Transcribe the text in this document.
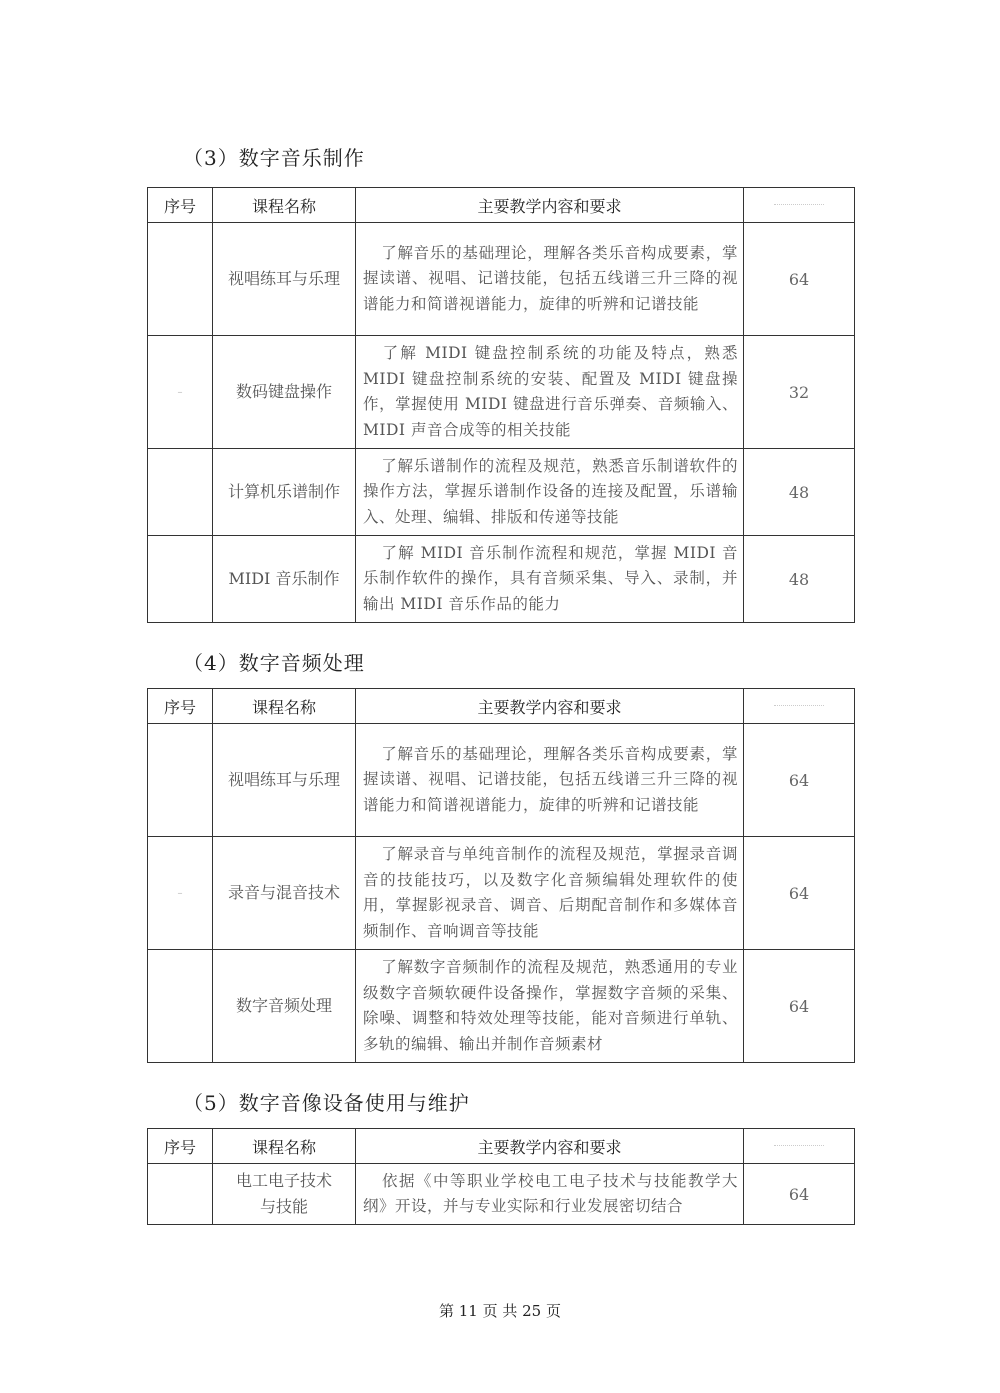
（3）数字音乐制作
序号	课程名称	主要教学内容和要求	

	视唱练耳与乐理	了解音乐的基础理论，理解各类乐音构成要素，掌握读谱、视唱、记谱技能，包括五线谱三升三降的视谱能力和简谱视谱能力，旋律的听辨和记谱技能	64
–	数码键盘操作	了解 MIDI 键盘控制系统的功能及特点，熟悉 MIDI 键盘控制系统的安装、配置及 MIDI 键盘操作，掌握使用 MIDI 键盘进行音乐弹奏、音频输入、MIDI 声音合成等的相关技能	32
	计算机乐谱制作	了解乐谱制作的流程及规范，熟悉音乐制谱软件的操作方法，掌握乐谱制作设备的连接及配置，乐谱输入、处理、编辑、排版和传递等技能	48
	MIDI 音乐制作	了解 MIDI 音乐制作流程和规范，掌握 MIDI 音乐制作软件的操作，具有音频采集、导入、录制，并输出 MIDI 音乐作品的能力	48
（4）数字音频处理
序号	课程名称	主要教学内容和要求	

	视唱练耳与乐理	了解音乐的基础理论，理解各类乐音构成要素，掌握读谱、视唱、记谱技能，包括五线谱三升三降的视谱能力和简谱视谱能力，旋律的听辨和记谱技能	64
–	录音与混音技术	了解录音与单纯音制作的流程及规范，掌握录音调音的技能技巧，以及数字化音频编辑处理软件的使用，掌握影视录音、调音、后期配音制作和多媒体音频制作、音响调音等技能	64
	数字音频处理	了解数字音频制作的流程及规范，熟悉通用的专业级数字音频软硬件设备操作，掌握数字音频的采集、除噪、调整和特效处理等技能，能对音频进行单轨、多轨的编辑、输出并制作音频素材	64
（5）数字音像设备使用与维护
序号	课程名称	主要教学内容和要求	

	电工电子技术与技能	依据《中等职业学校电工电子技术与技能教学大纲》开设，并与专业实际和行业发展密切结合	64
第 11 页 共 25 页
